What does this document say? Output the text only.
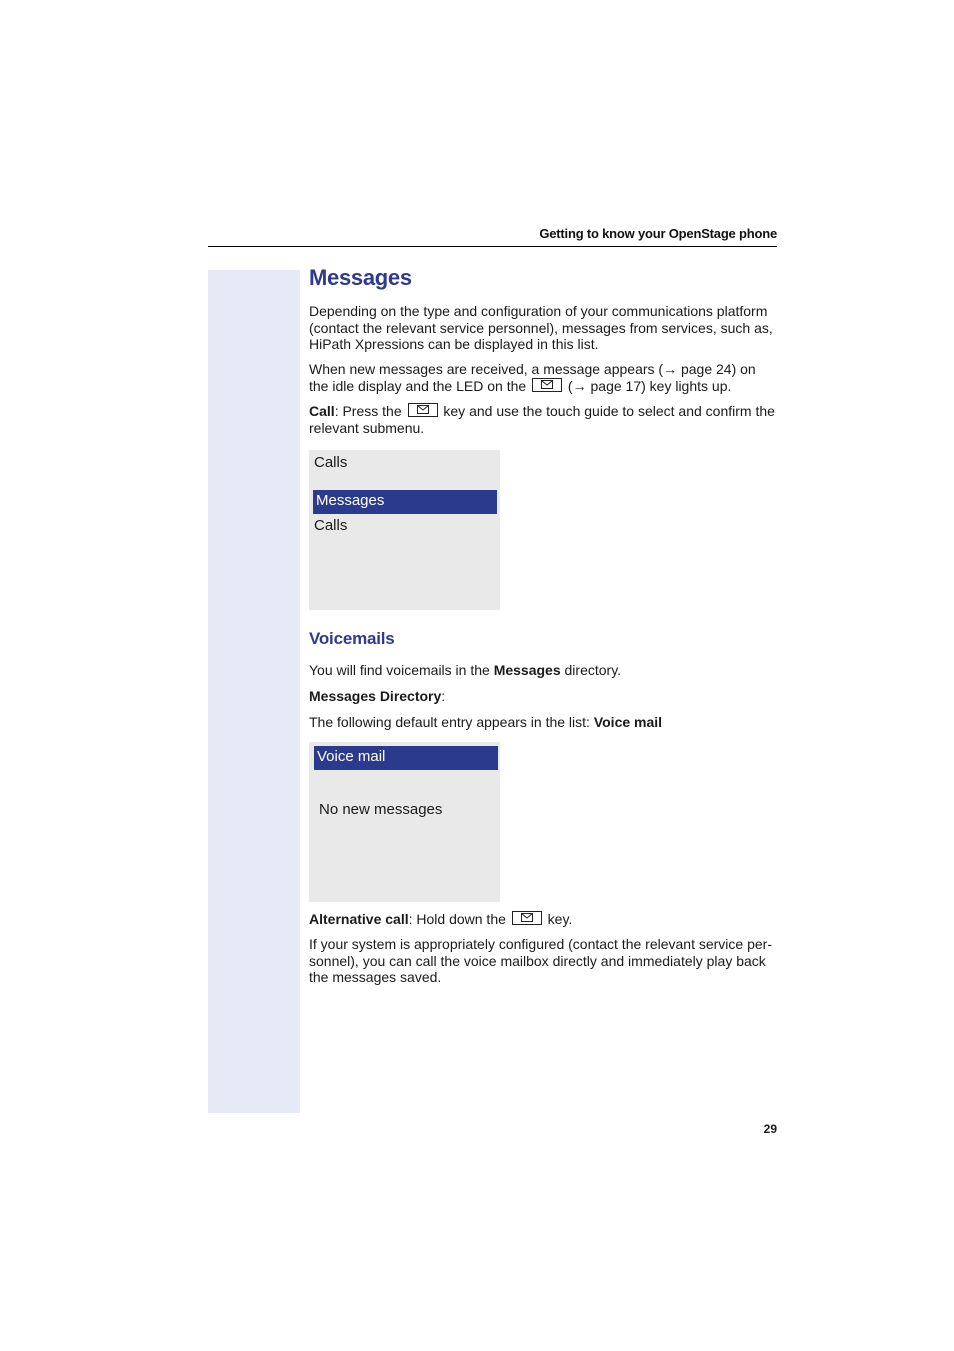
Getting to know your OpenStage phone
Messages

Depending on the type and configuration of your communications platform (contact the relevant service personnel), messages from services, such as, HiPath Xpressions can be displayed in this list.

When new messages are received, a message appears (→ page 24) on the idle display and the LED on the
(→ page 17) key lights up.

Call: Press the
key and use the touch guide to select and confirm the relevant submenu.

Calls
Messages
Calls
Voicemails

You will find voicemails in the Messages directory.

Messages Directory:

The following default entry appears in the list: Voice mail

Voice mail
No new messages

Alternative call: Hold down the
key.

If your system is appropriately configured (contact the relevant service per-sonnel), you can call the voice mailbox directly and immediately play back the messages saved.

29
